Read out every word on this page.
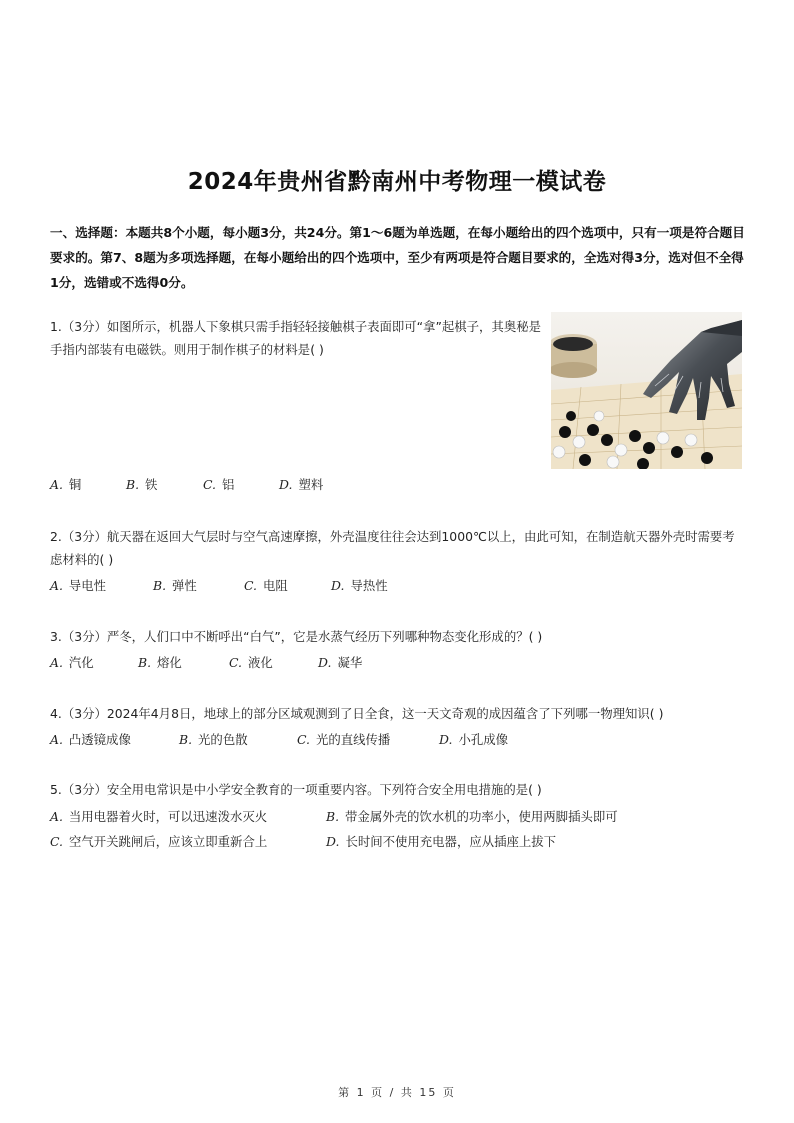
2024年贵州省黔南州中考物理一模试卷
一、选择题：本题共8个小题，每小题3分，共24分。第1～6题为单选题，在每小题给出的四个选项中，只有一项是符合题目要求的。第7、8题为多项选择题，在每小题给出的四个选项中，至少有两项是符合题目要求的，全选对得3分，选对但不全得1分，选错或不选得0分。
1.（3分）如图所示，机器人下象棋只需手指轻轻接触棋子表面即可“拿”起棋子，其奥秘是手指内部装有电磁铁。则用于制作棋子的材料是( )
A. 铜	B. 铁	C. 铝	D. 塑料
2.（3分）航天器在返回大气层时与空气高速摩擦，外壳温度往往会达到1000℃以上，由此可知，在制造航天器外壳时需要考虑材料的( )
A. 导电性	B. 弹性	C. 电阻	D. 导热性
3.（3分）严冬，人们口中不断呼出“白气”，它是水蒸气经历下列哪种物态变化形成的？( )
A. 汽化	B. 熔化	C. 液化	D. 凝华
4.（3分）2024年4月8日，地球上的部分区域观测到了日全食，这一天文奇观的成因蕴含了下列哪一物理知识( )
A. 凸透镜成像	B. 光的色散	C. 光的直线传播	D. 小孔成像
5.（3分）安全用电常识是中小学安全教育的一项重要内容。下列符合安全用电措施的是( )
A. 当用电器着火时，可以迅速泼水灭火	B. 带金属外壳的饮水机的功率小，使用两脚插头即可
C. 空气开关跳闸后，应该立即重新合上	D. 长时间不使用充电器，应从插座上拔下
第 1 页 / 共 15 页
